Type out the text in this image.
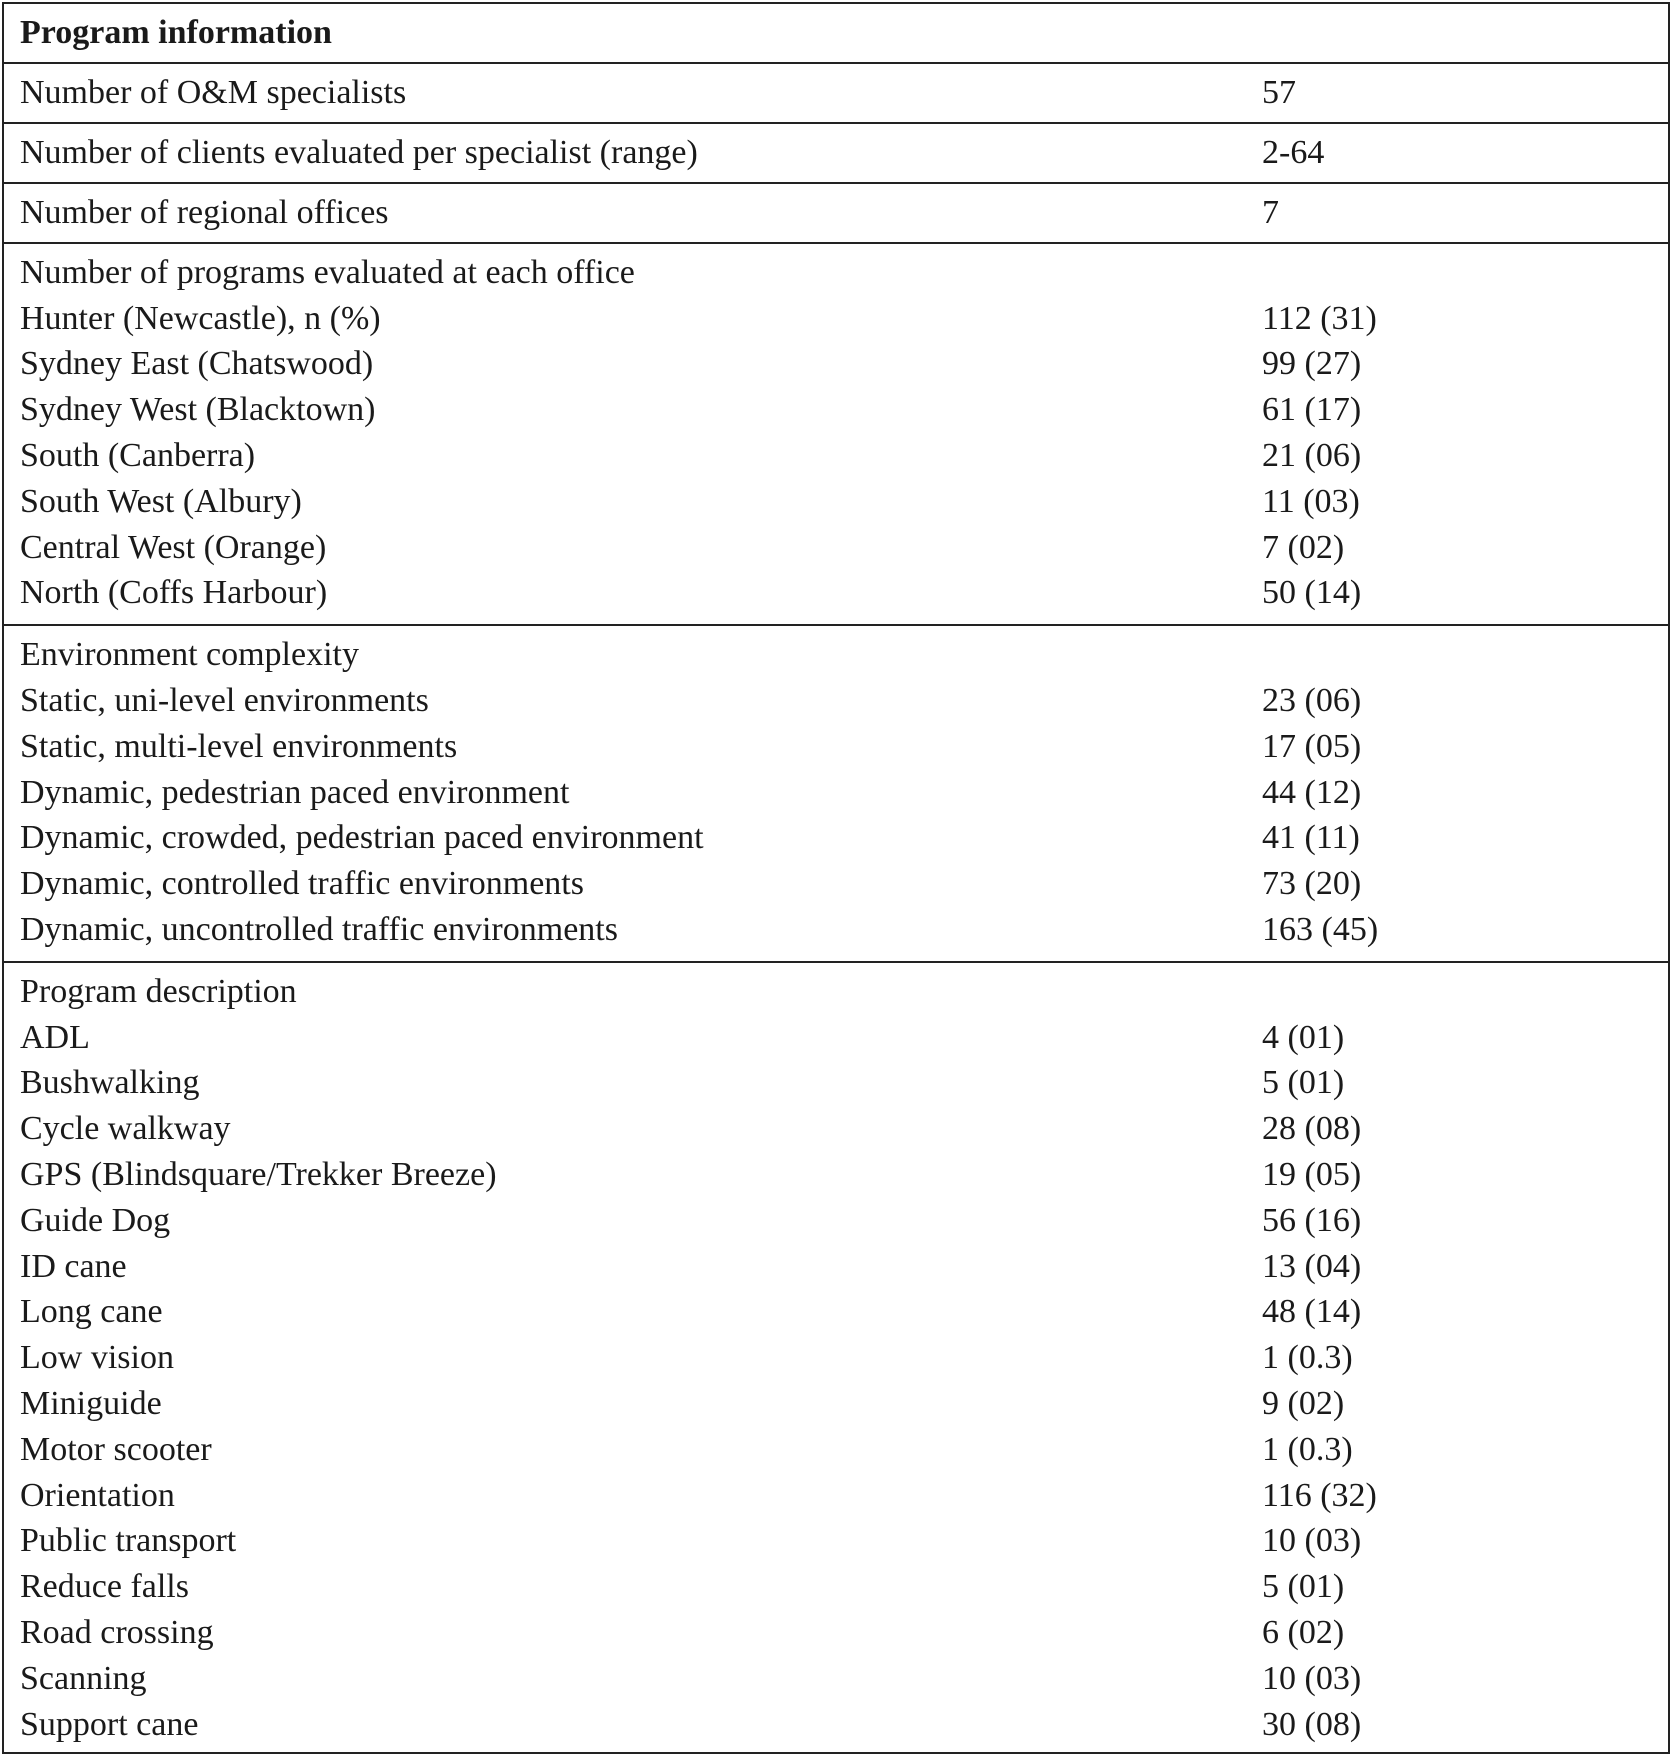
Program information
Number of O&M specialists	57
Number of clients evaluated per specialist (range)	2-64
Number of regional offices	7
Number of programs evaluated at each office
Hunter (Newcastle), n (%)	112 (31)
Sydney East (Chatswood)	99 (27)
Sydney West (Blacktown)	61 (17)
South (Canberra)	21 (06)
South West (Albury)	11 (03)
Central West (Orange)	7 (02)
North (Coffs Harbour)	50 (14)
Environment complexity
Static, uni-level environments	23 (06)
Static, multi-level environments	17 (05)
Dynamic, pedestrian paced environment	44 (12)
Dynamic, crowded, pedestrian paced environment	41 (11)
Dynamic, controlled traffic environments	73 (20)
Dynamic, uncontrolled traffic environments	163 (45)
Program description
ADL	4 (01)
Bushwalking	5 (01)
Cycle walkway	28 (08)
GPS (Blindsquare/Trekker Breeze)	19 (05)
Guide Dog	56 (16)
ID cane	13 (04)
Long cane	48 (14)
Low vision	1 (0.3)
Miniguide	9 (02)
Motor scooter	1 (0.3)
Orientation	116 (32)
Public transport	10 (03)
Reduce falls	5 (01)
Road crossing	6 (02)
Scanning	10 (03)
Support cane	30 (08)
